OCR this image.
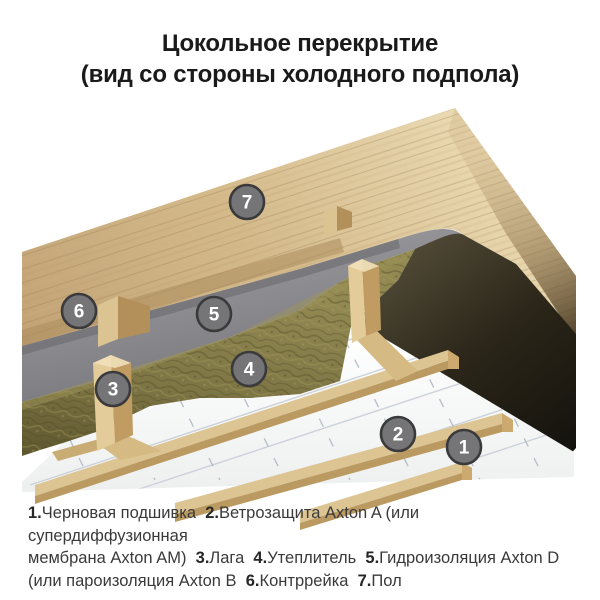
Цокольное перекрытие
(вид со стороны холодного подпола)
7
6	5
3
4
2
1
1.Черновая подшивка  2.Ветрозащита Axton A (или супердиффузионная
мембрана Axton AM)  3.Лага  4.Утеплитель  5.Гидроизоляция Axton D
(или пароизоляция Axton B  6.Контррейка  7.Пол
